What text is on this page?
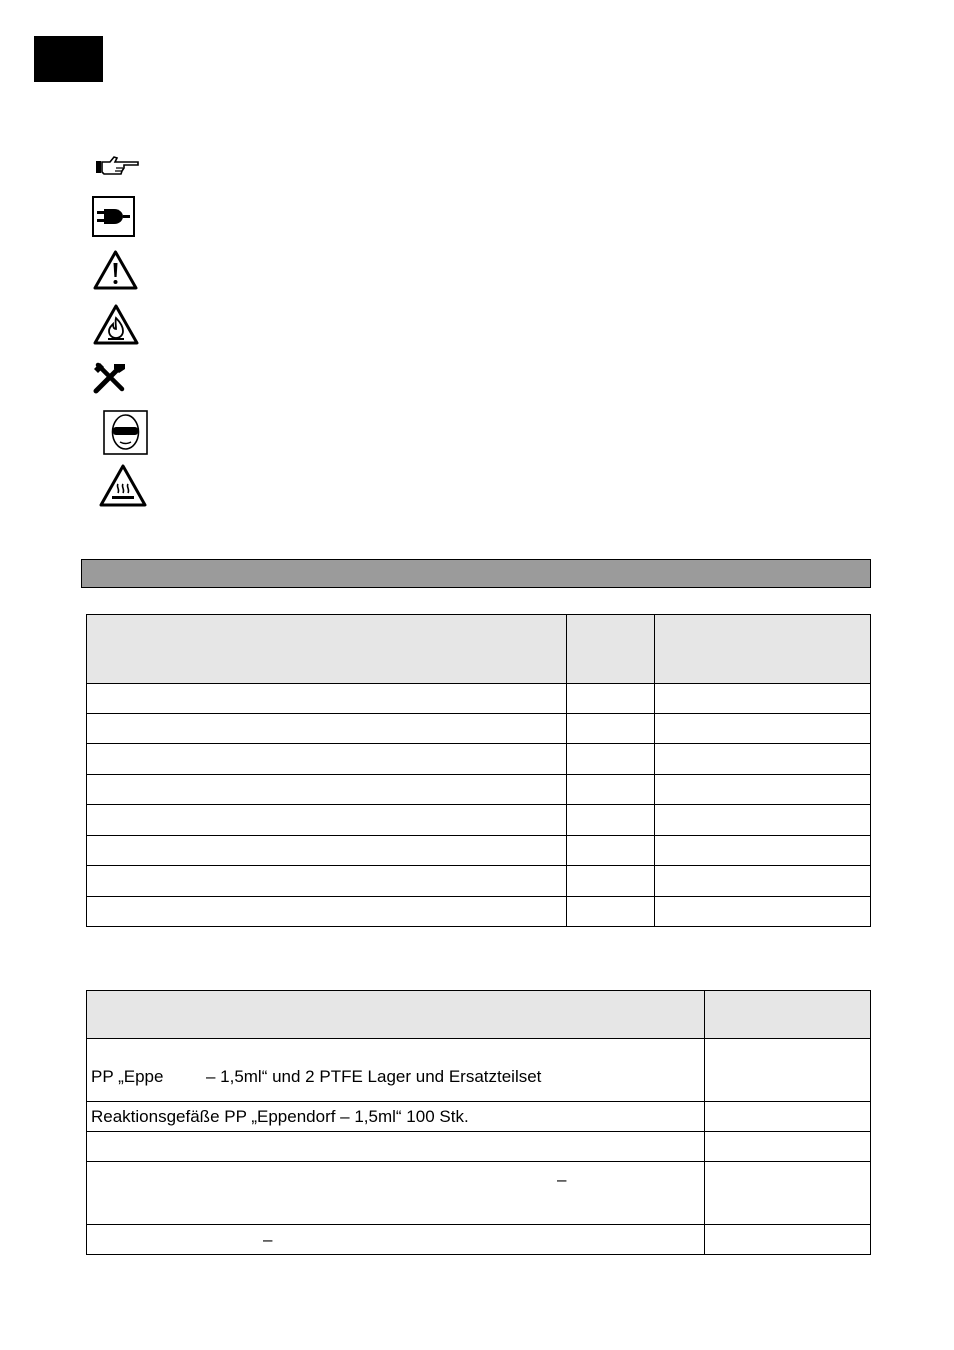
PP „Eppe         – 1,5ml“ und 2 PTFE Lager und Ersatzteilset	
Reaktionsgefäße PP „Eppendorf – 1,5ml“ 100 Stk.	

–	
–	
